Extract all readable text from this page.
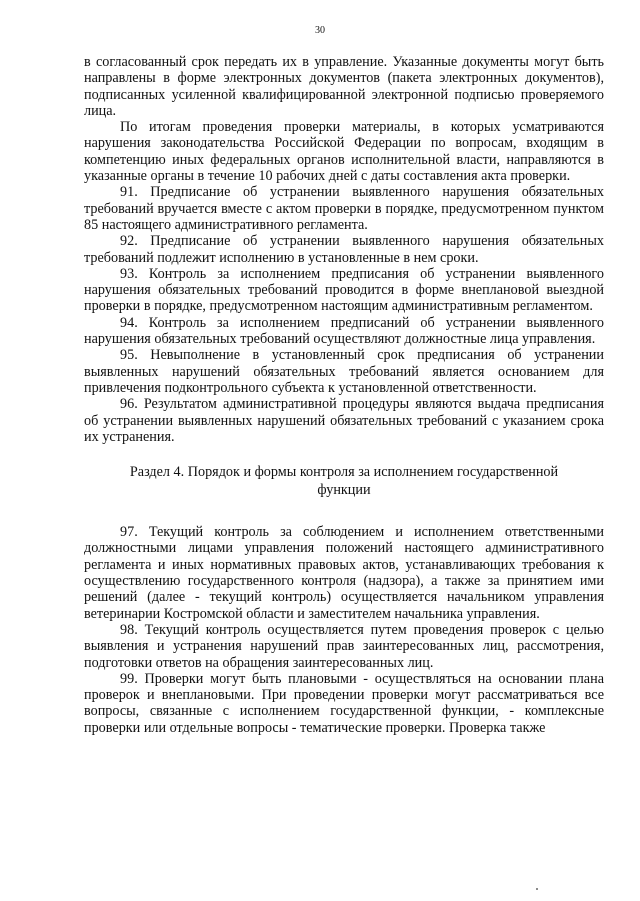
30

в согласованный срок передать их в управление. Указанные документы могут быть направлены в форме электронных документов (пакета электронных документов), подписанных усиленной квалифицированной электронной подписью проверяемого лица.

По итогам проведения проверки материалы, в которых усматриваются нарушения законодательства Российской Федерации по вопросам, входящим в компетенцию иных федеральных органов исполнительной власти, направляются в указанные органы в течение 10 рабочих дней с даты составления акта проверки.

91. Предписание об устранении выявленного нарушения обязательных требований вручается вместе с актом проверки в порядке, предусмотренном пунктом 85 настоящего административного регламента.

92. Предписание об устранении выявленного нарушения обязательных требований подлежит исполнению в установленные в нем сроки.

93. Контроль за исполнением предписания об устранении выявленного нарушения обязательных требований проводится в форме внеплановой выездной проверки в порядке, предусмотренном настоящим административным регламентом.

94. Контроль за исполнением предписаний об устранении выявленного нарушения обязательных требований осуществляют должностные лица управления.

95. Невыполнение в установленный срок предписания об устранении выявленных нарушений обязательных требований является основанием для привлечения подконтрольного субъекта к установленной ответственности.

96. Результатом административной процедуры являются выдача предписания об устранении выявленных нарушений обязательных требований с указанием срока их устранения.

Раздел 4. Порядок и формы контроля за исполнением государственной функции

97. Текущий контроль за соблюдением и исполнением ответственными должностными лицами управления положений настоящего административного регламента и иных нормативных правовых актов, устанавливающих требования к осуществлению государственного контроля (надзора), а также за принятием ими решений (далее - текущий контроль) осуществляется начальником управления ветеринарии Костромской области и заместителем начальника управления.

98. Текущий контроль осуществляется путем проведения проверок с целью выявления и устранения нарушений прав заинтересованных лиц, рассмотрения, подготовки ответов на обращения заинтересованных лиц.

99. Проверки могут быть плановыми - осуществляться на основании плана проверок и внеплановыми. При проведении проверки могут рассматриваться все вопросы, связанные с исполнением государственной функции, - комплексные проверки или отдельные вопросы - тематические проверки. Проверка также
